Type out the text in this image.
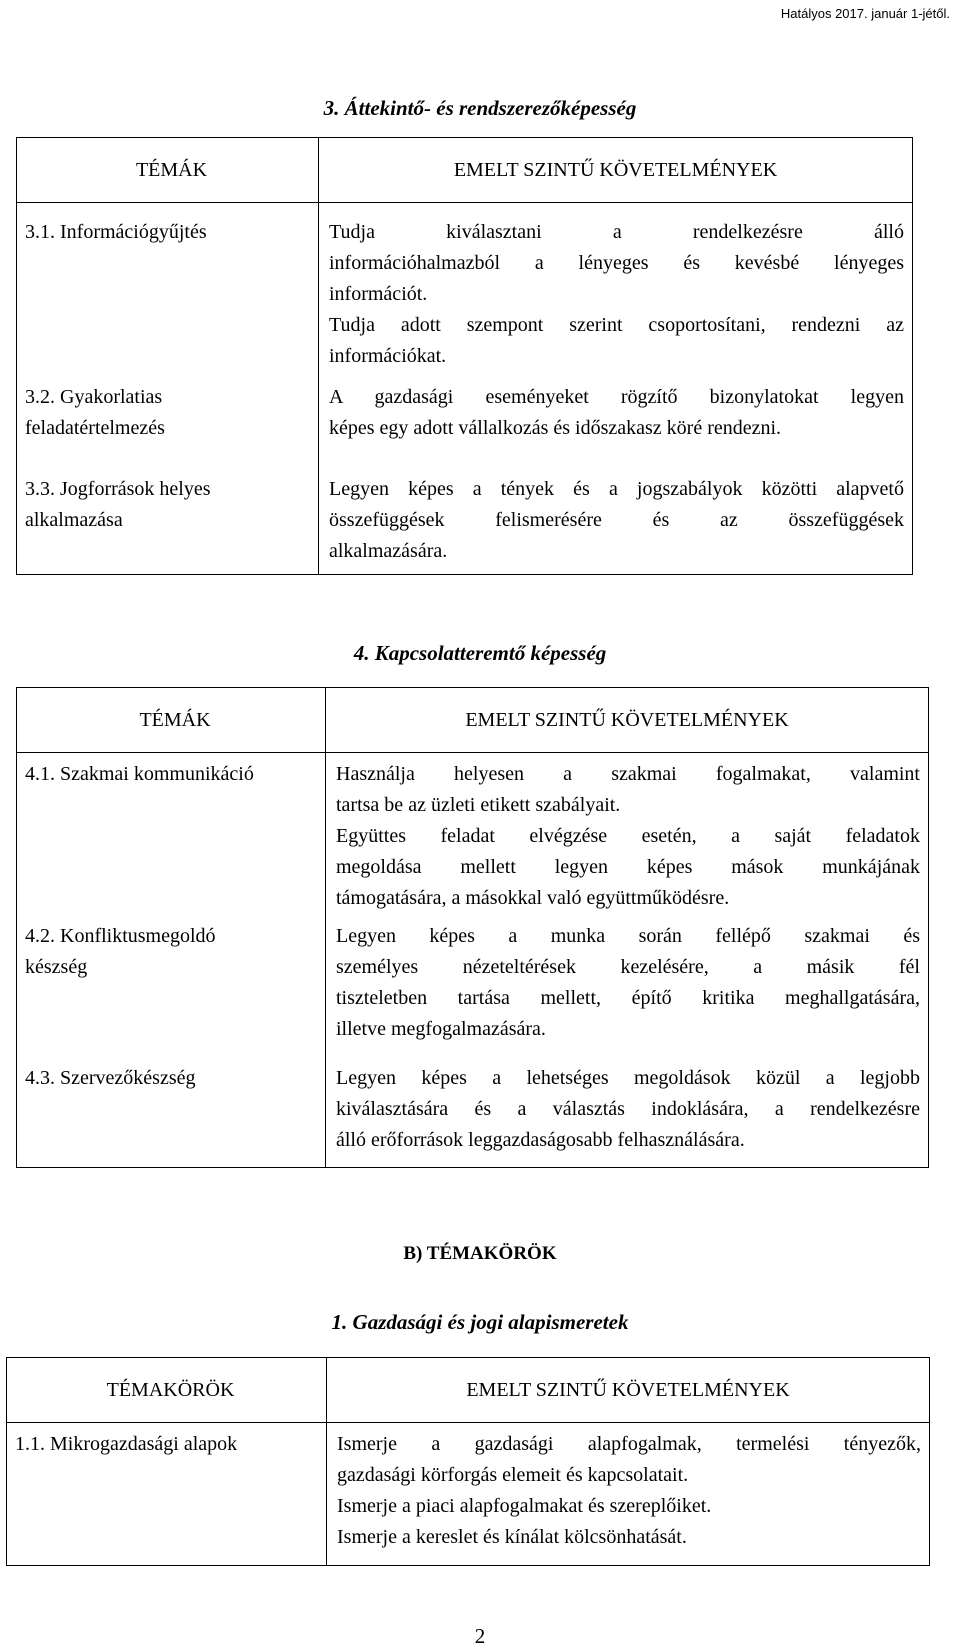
Hatályos 2017. január 1-jétől.
3. Áttekintő- és rendszerezőképesség
TÉMÁK	EMELT SZINTŰ KÖVETELMÉNYEK

3.1. Információgyűjtés	Tudja kiválasztani a rendelkezésre álló
információhalmazból a lényeges és kevésbé lényeges
információt.
Tudja adott szempont szerint csoportosítani, rendezni az
információkat.

3.2. Gyakorlatias
feladatértelmezés	A gazdasági eseményeket rögzítő bizonylatokat legyen
képes egy adott vállalkozás és időszakasz köré rendezni.

3.3. Jogforrások helyes
alkalmazása	Legyen képes a tények és a jogszabályok közötti alapvető
összefüggések felismerésére és az összefüggések
alkalmazására.
4. Kapcsolatteremtő képesség
TÉMÁK	EMELT SZINTŰ KÖVETELMÉNYEK

4.1. Szakmai kommunikáció	Használja helyesen a szakmai fogalmakat, valamint
tartsa be az üzleti etikett szabályait.
Együttes feladat elvégzése esetén, a saját feladatok
megoldása mellett legyen képes mások munkájának
támogatására, a másokkal való együttműködésre.

4.2. Konfliktusmegoldó
készség	Legyen képes a munka során fellépő szakmai és
személyes nézeteltérések kezelésére, a másik fél
tiszteletben tartása mellett, építő kritika meghallgatására,
illetve megfogalmazására.

4.3. Szervezőkészség	Legyen képes a lehetséges megoldások közül a legjobb
kiválasztására és a választás indoklására, a rendelkezésre
álló erőforrások leggazdaságosabb felhasználására.
B) TÉMAKÖRÖK
1. Gazdasági és jogi alapismeretek
TÉMAKÖRÖK	EMELT SZINTŰ KÖVETELMÉNYEK

1.1. Mikrogazdasági alapok	Ismerje a gazdasági alapfogalmak, termelési tényezők,
gazdasági körforgás elemeit és kapcsolatait.
Ismerje a piaci alapfogalmakat és szereplőiket.
Ismerje a kereslet és kínálat kölcsönhatását.
2
